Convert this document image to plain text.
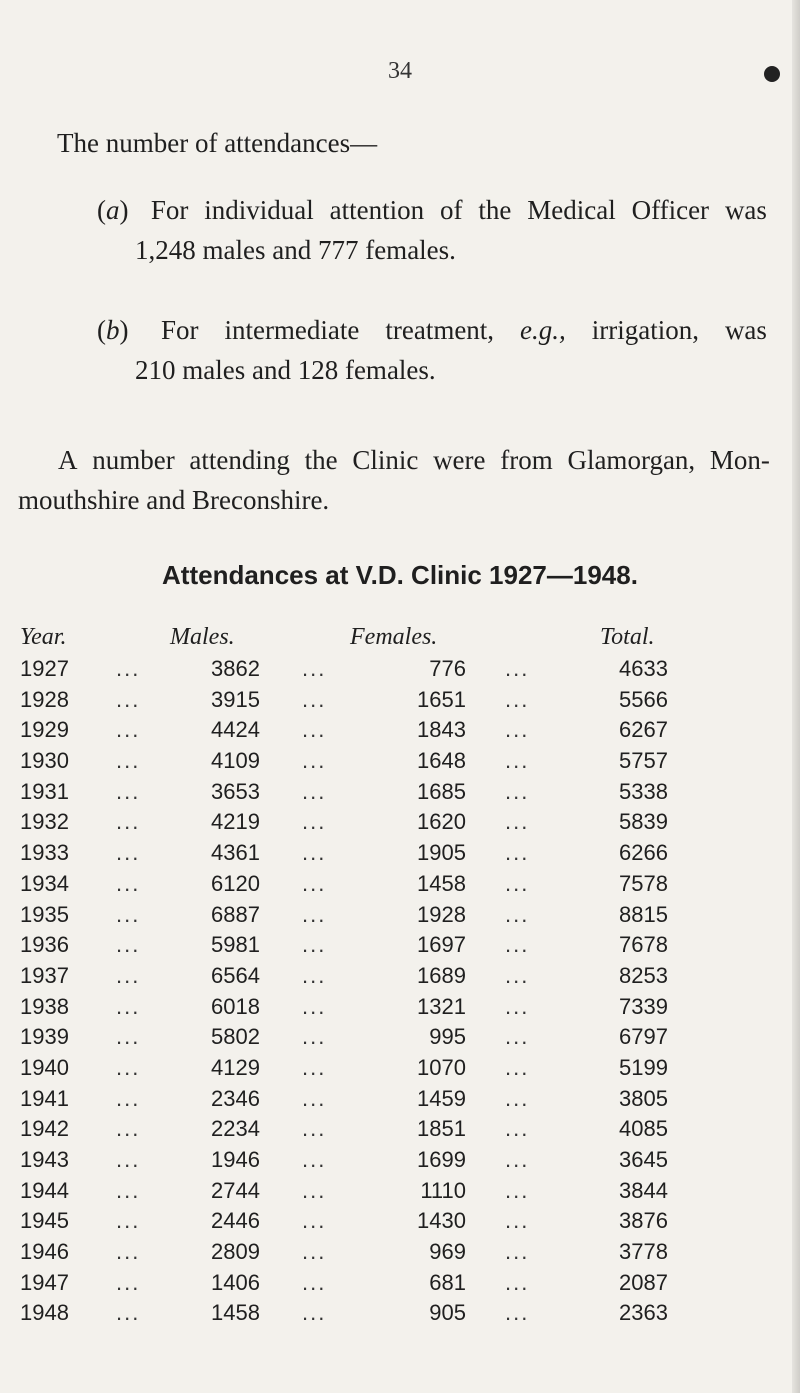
34
The number of attendances—
(a) For individual attention of the Medical Officer was
1,248 males and 777 females.
(b) For intermediate treatment, e.g., irrigation, was
210 males and 128 females.
A number attending the Clinic were from Glamorgan, Mon-
mouthshire and Breconshire.
Attendances at V.D. Clinic 1927—1948.
Year.	Males.	Females.	Total.
1927 ...	3862 ...	776 ...	4633
1928 ...	3915 ...	1651 ...	5566
1929 ...	4424 ...	1843 ...	6267
1930 ...	4109 ...	1648 ...	5757
1931 ...	3653 ...	1685 ...	5338
1932 ...	4219 ...	1620 ...	5839
1933 ...	4361 ...	1905 ...	6266
1934 ...	6120 ...	1458 ...	7578
1935 ...	6887 ...	1928 ...	8815
1936 ...	5981 ...	1697 ...	7678
1937 ...	6564 ...	1689 ...	8253
1938 ...	6018 ...	1321 ...	7339
1939 ...	5802 ...	995 ...	6797
1940 ...	4129 ...	1070 ...	5199
1941 ...	2346 ...	1459 ...	3805
1942 ...	2234 ...	1851 ...	4085
1943 ...	1946 ...	1699 ...	3645
1944 ...	2744 ...	1110 ...	3844
1945 ...	2446 ...	1430 ...	3876
1946 ...	2809 ...	969 ...	3778
1947 ...	1406 ...	681 ...	2087
1948 ...	1458 ...	905 ...	2363
